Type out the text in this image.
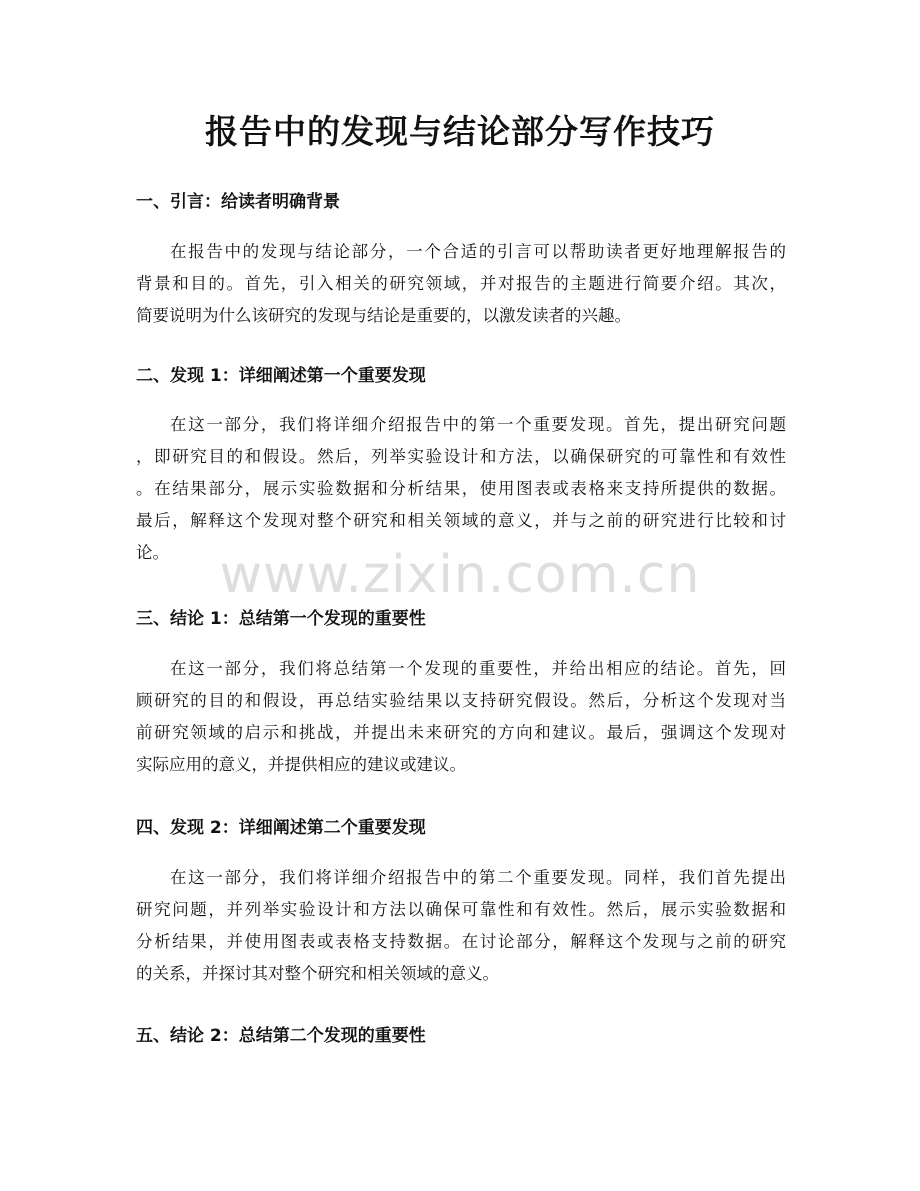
报告中的发现与结论部分写作技巧
一、引言：给读者明确背景
在报告中的发现与结论部分，一个合适的引言可以帮助读者更好地理解报告的
背景和目的。首先，引入相关的研究领域，并对报告的主题进行简要介绍。其次，
简要说明为什么该研究的发现与结论是重要的，以激发读者的兴趣。
二、发现 1：详细阐述第一个重要发现
在这一部分，我们将详细介绍报告中的第一个重要发现。首先，提出研究问题
，即研究目的和假设。然后，列举实验设计和方法，以确保研究的可靠性和有效性
。在结果部分，展示实验数据和分析结果，使用图表或表格来支持所提供的数据。
最后，解释这个发现对整个研究和相关领域的意义，并与之前的研究进行比较和讨
论。
三、结论 1：总结第一个发现的重要性
在这一部分，我们将总结第一个发现的重要性，并给出相应的结论。首先，回
顾研究的目的和假设，再总结实验结果以支持研究假设。然后，分析这个发现对当
前研究领域的启示和挑战，并提出未来研究的方向和建议。最后，强调这个发现对
实际应用的意义，并提供相应的建议或建议。
四、发现 2：详细阐述第二个重要发现
在这一部分，我们将详细介绍报告中的第二个重要发现。同样，我们首先提出
研究问题，并列举实验设计和方法以确保可靠性和有效性。然后，展示实验数据和
分析结果，并使用图表或表格支持数据。在讨论部分，解释这个发现与之前的研究
的关系，并探讨其对整个研究和相关领域的意义。
五、结论 2：总结第二个发现的重要性
www.zixin.com.cn
